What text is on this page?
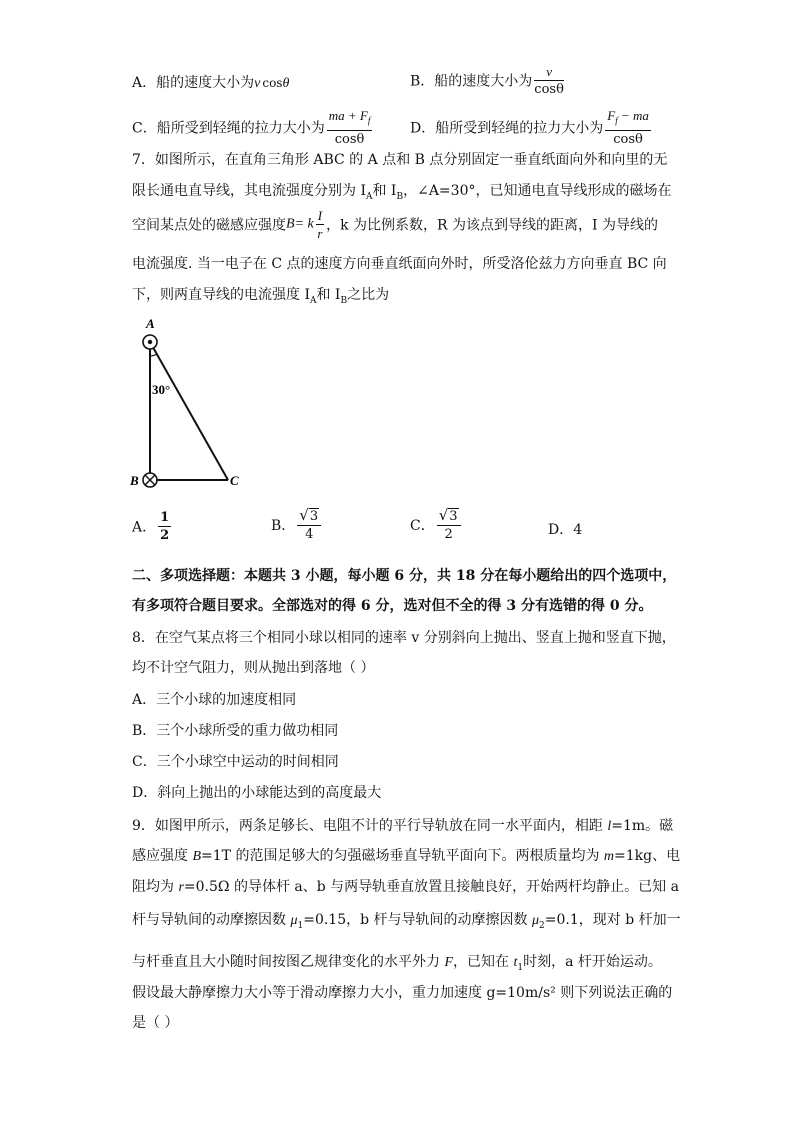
A．船的速度大小为v cosθ	B．船的速度大小为 $\frac{v}{\cos\theta}$
C．船所受到轻绳的拉力大小为 $\frac{ma + F_f}{\cos\theta}$	D．船所受到轻绳的拉力大小为 $\frac{F_f - ma}{\cos\theta}$
7．如图所示，在直角三角形 ABC 的 A 点和 B 点分别固定一垂直纸面向外和向里的无
限长通电直导线，其电流强度分别为 $I_A$和 $I_B$，∠A=30°，已知通电直导线形成的磁场在
空间某点处的磁感应强度B= k $\frac{I}{r}$ ，k 为比例系数，R 为该点到导线的距离，I 为导线的
电流强度. 当一电子在 C 点的速度方向垂直纸面向外时，所受洛伦兹力方向垂直 BC 向
下，则两直导线的电流强度 $I_A$和 $I_B$之比为
A
B	C
30°
A． $\frac{1}{2}$	B． $\frac{√3}{4}$	C． $\frac{√3}{2}$	D．4
二、多项选择题：本题共 3 小题，每小题 6 分，共 18 分在每小题给出的四个选项中，
有多项符合题目要求。全部选对的得 6 分，选对但不全的得 3 分有选错的得 0 分。
8．在空气某点将三个相同小球以相同的速率 v 分别斜向上抛出、竖直上抛和竖直下抛，
均不计空气阻力，则从抛出到落地（ ）
A．三个小球的加速度相同
B．三个小球所受的重力做功相同
C．三个小球空中运动的时间相同
D．斜向上抛出的小球能达到的高度最大
9．如图甲所示，两条足够长、电阻不计的平行导轨放在同一水平面内，相距 l=1m。磁
感应强度 B=1T 的范围足够大的匀强磁场垂直导轨平面向下。两根质量均为 m=1kg、电
阻均为 r=0.5Ω 的导体杆 a、b 与两导轨垂直放置且接触良好，开始两杆均静止。已知 a
杆与导轨间的动摩擦因数 $\mu_1=0.15$，b 杆与导轨间的动摩擦因数 $\mu_2=0.1$，现对 b 杆加一
与杆垂直且大小随时间按图乙规律变化的水平外力 F，已知在 $t_1$时刻，a 杆开始运动。
假设最大静摩擦力大小等于滑动摩擦力大小，重力加速度 g=10m/s² 则下列说法正确的
是（ ）
